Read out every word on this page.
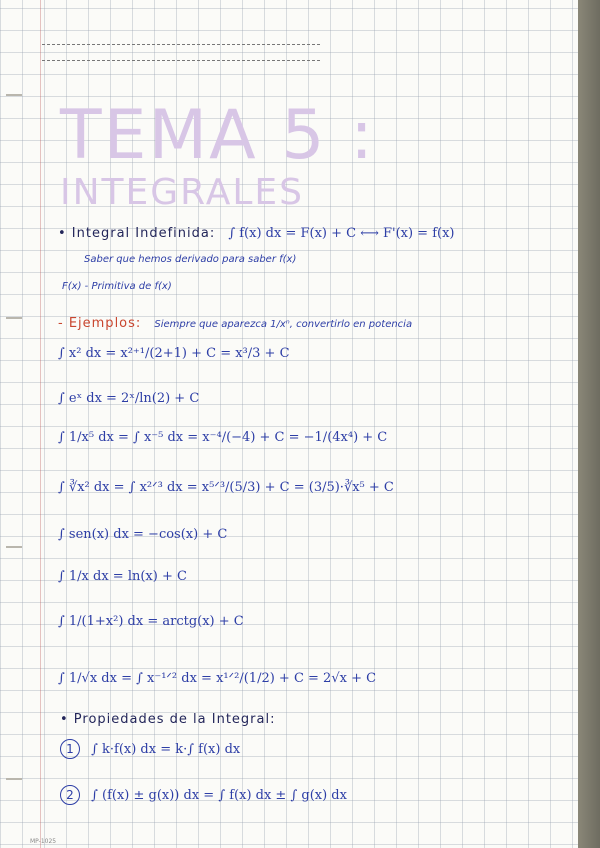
TEMA 5 :
INTEGRALES
• Integral Indefinida: ∫ f(x) dx = F(x) + C ⟷ F'(x) = f(x)
Saber que hemos derivado para saber f(x)
F(x) - Primitiva de f(x)
- Ejemplos: Siempre que aparezca 1/xⁿ, convertirlo en potencia
∫ x² dx = x²⁺¹/(2+1) + C = x³/3 + C
∫ eˣ dx = 2ˣ/ln(2) + C
∫ 1/x⁵ dx = ∫ x⁻⁵ dx = x⁻⁴/(−4) + C = −1/(4x⁴) + C
∫ ∛x² dx = ∫ x²ᐟ³ dx = x⁵ᐟ³/(5/3) + C = (3/5)·∛x⁵ + C
∫ sen(x) dx = −cos(x) + C
∫ 1/x dx = ln(x) + C
∫ 1/(1+x²) dx = arctg(x) + C
∫ 1/√x dx = ∫ x⁻¹ᐟ² dx = x¹ᐟ²/(1/2) + C = 2√x + C
• Propiedades de la Integral:
1 ∫ k·f(x) dx = k·∫ f(x) dx
2 ∫ (f(x) ± g(x)) dx = ∫ f(x) dx ± ∫ g(x) dx
MP-1025
